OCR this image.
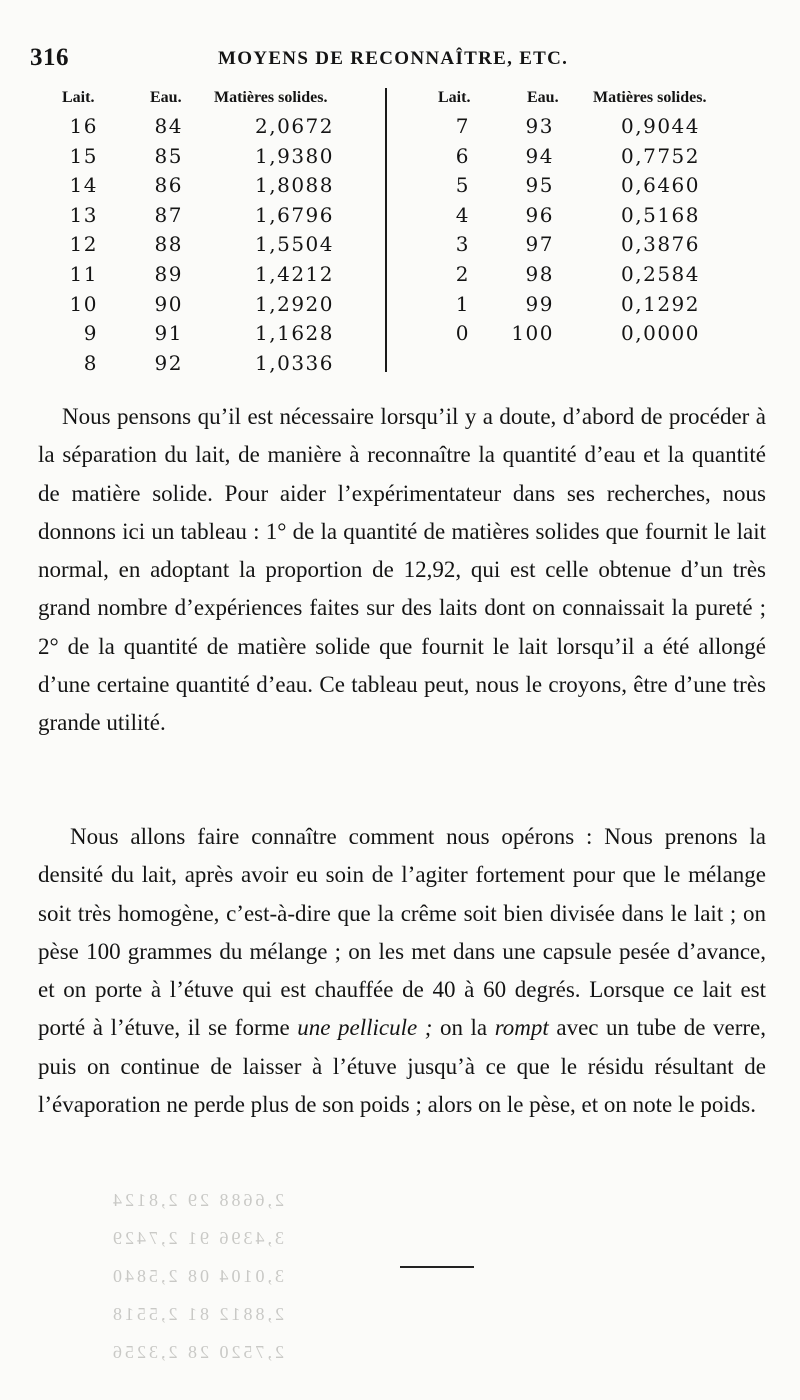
316	MOYENS DE RECONNAÎTRE, ETC.
Lait.	Eau. Matières solides.
16	84	2,0672
15	85	1,9380
14	86	1,8088
13	87	1,6796
12	88	1,5504
11	89	1,4212
10	90	1,2920
9	91	1,1628
8	92	1,0336
Lait.	Eau. Matières solides.
7	93	0,9044
6	94	0,7752
5	95	0,6460
4	96	0,5168
3	97	0,3876
2	98	0,2584
1	99	0,1292
0	100	0,0000

Nous pensons qu’il est nécessaire lorsqu’il y a doute, d’abord de procéder à la séparation du lait, de manière à reconnaître la quantité d’eau et la quantité de matière solide. Pour aider l’expérimentateur dans ses recherches, nous donnons ici un tableau : 1° de la quantité de matières solides que fournit le lait normal, en adoptant la proportion de 12,92, qui est celle obtenue d’un très grand nombre d’expériences faites sur des laits dont on connaissait la pureté ; 2° de la quantité de matière solide que fournit le lait lorsqu’il a été allongé d’une certaine quantité d’eau. Ce tableau peut, nous le croyons, être d’une très grande utilité.

Nous allons faire connaître comment nous opérons : Nous prenons la densité du lait, après avoir eu soin de l’agiter fortement pour que le mélange soit très homogène, c’est-à-dire que la crême soit bien divisée dans le lait ; on pèse 100 grammes du mélange ; on les met dans une capsule pesée d’avance, et on porte à l’étuve qui est chauffée de 40 à 60 degrés. Lorsque ce lait est porté à l’étuve, il se forme une pellicule ; on la rompt avec un tube de verre, puis on continue de laisser à l’étuve jusqu’à ce que le résidu résultant de l’évaporation ne perde plus de son poids ; alors on le pèse, et on note le poids.

2,6688 29 2,8124
3,4396 91 2,7429
3,0104 08 2,5840
2,8812 81 2,5518
2,7520 28 2,3256
